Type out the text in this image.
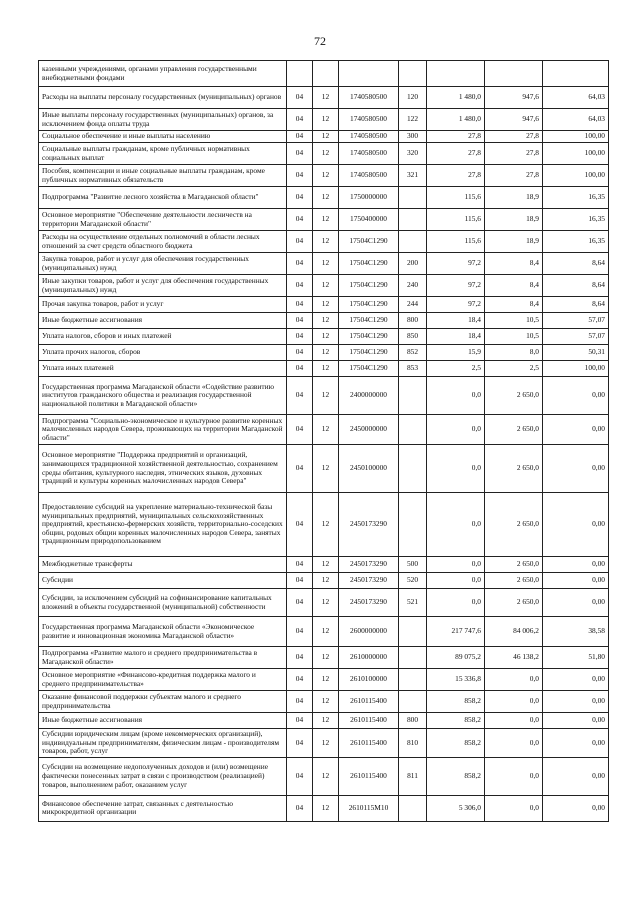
72
казенными учреждениями, органами управления государственными внебюджетными фондами							
Расходы на выплаты персоналу государственных (муниципальных) органов	04	12	1740580500	120	1 480,0	947,6	64,03
Иные выплаты персоналу государственных (муниципальных) органов, за исключением фонда оплаты труда	04	12	1740580500	122	1 480,0	947,6	64,03
Социальное обеспечение и иные выплаты населению	04	12	1740580500	300	27,8	27,8	100,00
Социальные выплаты гражданам, кроме публичных нормативных социальных выплат	04	12	1740580500	320	27,8	27,8	100,00
Пособия, компенсации и иные социальные выплаты гражданам, кроме публичных нормативных обязательств	04	12	1740580500	321	27,8	27,8	100,00
Подпрограмма "Развитие лесного хозяйства в Магаданской области"	04	12	1750000000		115,6	18,9	16,35
Основное мероприятие "Обеспечение деятельности лесничеств на территории Магаданской области"	04	12	1750400000		115,6	18,9	16,35
Расходы на осуществление отдельных полномочий в области лесных отношений за счет средств областного бюджета	04	12	17504C1290		115,6	18,9	16,35
Закупка товаров, работ и услуг для обеспечения государственных (муниципальных) нужд	04	12	17504C1290	200	97,2	8,4	8,64
Иные закупки товаров, работ и услуг для обеспечения государственных (муниципальных) нужд	04	12	17504C1290	240	97,2	8,4	8,64
Прочая закупка товаров, работ и услуг	04	12	17504C1290	244	97,2	8,4	8,64
Иные бюджетные ассигнования	04	12	17504C1290	800	18,4	10,5	57,07
Уплата налогов, сборов и иных платежей	04	12	17504C1290	850	18,4	10,5	57,07
Уплата прочих налогов, сборов	04	12	17504C1290	852	15,9	8,0	50,31
Уплата иных платежей	04	12	17504C1290	853	2,5	2,5	100,00
Государственная программа Магаданской области «Содействие развитию институтов гражданского общества и реализация государственной национальной политики в Магаданской области»	04	12	2400000000		0,0	2 650,0	0,00
Подпрограмма "Социально-экономическое и культурное развитие коренных малочисленных народов Севера, проживающих на территории Магаданской области"	04	12	2450000000		0,0	2 650,0	0,00
Основное мероприятие "Поддержка предприятий и организаций, занимающихся традиционной хозяйственной деятельностью, сохранением среды обитания, культурного наследия, этнических языков, духовных традиций и культуры коренных малочисленных народов Севера"	04	12	2450100000		0,0	2 650,0	0,00
Предоставление субсидий на укрепление материально-технической базы муниципальных предприятий, муниципальных сельскохозяйственных предприятий, крестьянско-фермерских хозяйств, территориально-соседских общин, родовых общин коренных малочисленных народов Севера, занятых традиционным природопользованием	04	12	2450173290		0,0	2 650,0	0,00
Межбюджетные трансферты	04	12	2450173290	500	0,0	2 650,0	0,00
Субсидии	04	12	2450173290	520	0,0	2 650,0	0,00
Субсидии, за исключением субсидий на софинансирование капитальных вложений в объекты государственной (муниципальной) собственности	04	12	2450173290	521	0,0	2 650,0	0,00
Государственная программа Магаданской области «Экономическое развитие и инновационная экономика Магаданской области»	04	12	2600000000		217 747,6	84 006,2	38,58
Подпрограмма «Развитие малого и среднего предпринимательства в Магаданской области»	04	12	2610000000		89 075,2	46 138,2	51,80
Основное мероприятие «Финансово-кредитная поддержка малого и среднего предпринимательства»	04	12	2610100000		15 336,8	0,0	0,00
Оказание финансовой поддержки субъектам малого и среднего предпринимательства	04	12	2610115400		858,2	0,0	0,00
Иные бюджетные ассигнования	04	12	2610115400	800	858,2	0,0	0,00
Субсидии юридическим лицам (кроме некоммерческих организаций), индивидуальным предпринимателям, физическим лицам - производителям товаров, работ, услуг	04	12	2610115400	810	858,2	0,0	0,00
Субсидии на возмещение недополученных доходов и (или) возмещение фактически понесенных затрат в связи с производством (реализацией) товаров, выполнением работ, оказанием услуг	04	12	2610115400	811	858,2	0,0	0,00
Финансовое обеспечение затрат, связанных с деятельностью микрокредитной организации	04	12	2610115M10		5 306,0	0,0	0,00
